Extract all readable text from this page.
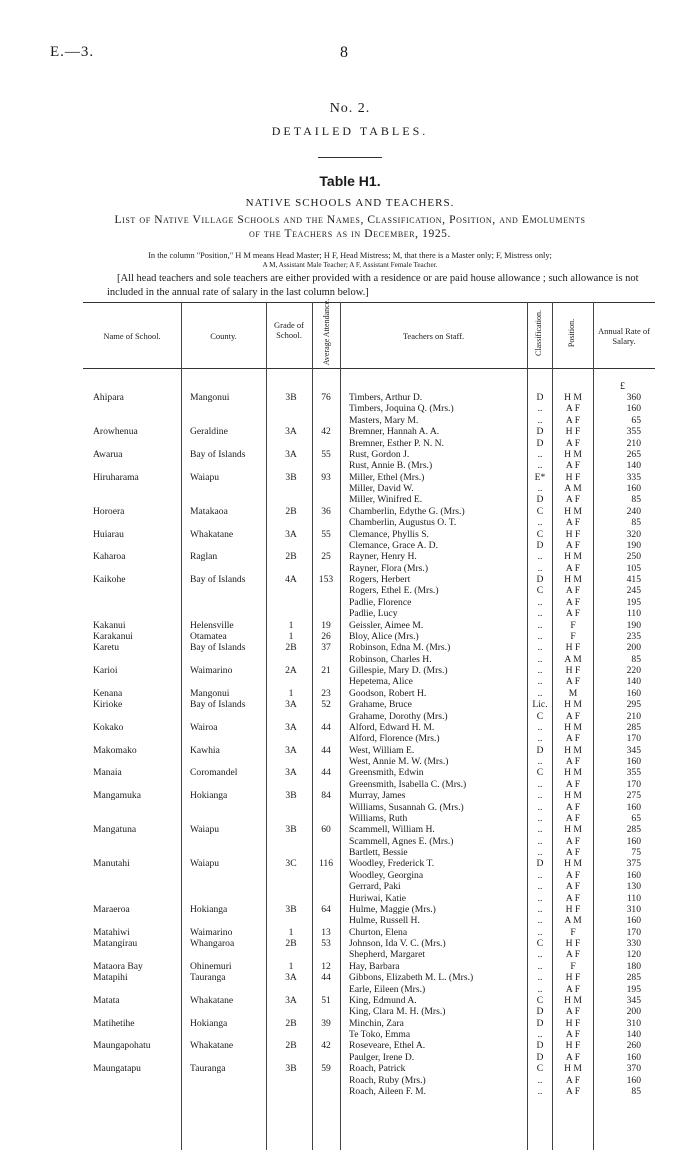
E.—3.	8
No. 2.
DETAILED TABLES.
Table H1.
NATIVE SCHOOLS AND TEACHERS.
List of Native Village Schools and the Names, Classification, Position, and Emoluments
of the Teachers as in December, 1925.
In the column "Position," H M means Head Master; H F, Head Mistress; M, that there is a Master only; F, Mistress only;
A M, Assistant Male Teacher; A F, Assistant Female Teacher.
[All head teachers and sole teachers are either provided with a residence or are paid house allowance ; such allowance is not included in the annual rate of salary in the last column below.]
Name of School.	County.
Grade of School.	Average Attendance.	Teachers on Staff.	Classification.	Position.	Annual Rate of Salary.
£
Ahipara	Mangonui	3B	76	Timbers, Arthur D.	D	H M	360
Timbers, Joquina Q. (Mrs.)	..	A F	160
Masters, Mary M.	..	A F	65
Arowhenua	Geraldine	3A	42	Bremner, Hannah A. A.	D	H F	355
Bremner, Esther P. N. N.	D	A F	210
Awarua	Bay of Islands	3A	55	Rust, Gordon J.	..	H M	265
Rust, Annie B. (Mrs.)	..	A F	140
Hiruharama	Waiapu	3B	93	Miller, Ethel (Mrs.)	E*	H F	335
Miller, David W.	..	A M	160
Miller, Winifred E.	D	A F	85
Horoera	Matakaoa	2B	36	Chamberlin, Edythe G. (Mrs.)	C	H M	240
Chamberlin, Augustus O. T.	..	A F	85
Huiarau	Whakatane	3A	55	Clemance, Phyllis S.	C	H F	320
Clemance, Grace A. D.	D	A F	190
Kaharoa	Raglan	2B	25	Rayner, Henry H.	..	H M	250
Rayner, Flora (Mrs.)	..	A F	105
Kaikohe	Bay of Islands	4A	153	Rogers, Herbert	D	H M	415
Rogers, Ethel E. (Mrs.)	C	A F	245
Padlie, Florence	..	A F	195
Padlie, Lucy	..	A F	110
Kakanui	Helensville	1	19	Geissler, Aimee M.	..	F	190
Karakanui	Otamatea	1	26	Bloy, Alice (Mrs.)	..	F	235
Karetu	Bay of Islands	2B	37	Robinson, Edna M. (Mrs.)	..	H F	200
Robinson, Charles H.	..	A M	85
Karioi	Waimarino	2A	21	Gillespie, Mary D. (Mrs.)	..	H F	220
Hepetema, Alice	..	A F	140
Kenana	Mangonui	1	23	Goodson, Robert H.	..	M	160
Kirioke	Bay of Islands	3A	52	Grahame, Bruce	Lic.	H M	295
Grahame, Dorothy (Mrs.)	C	A F	210
Kokako	Wairoa	3A	44	Alford, Edward H. M.	..	H M	285
Alford, Florence (Mrs.)	..	A F	170
Makomako	Kawhia	3A	44	West, William E.	D	H M	345
West, Annie M. W. (Mrs.)	..	A F	160
Manaia	Coromandel	3A	44	Greensmith, Edwin	C	H M	355
Greensmith, Isabella C. (Mrs.)	..	A F	170
Mangamuka	Hokianga	3B	84	Murray, James	..	H M	275
Williams, Susannah G. (Mrs.)	..	A F	160
Williams, Ruth	..	A F	65
Mangatuna	Waiapu	3B	60	Scammell, William H.	..	H M	285
Scammell, Agnes E. (Mrs.)	..	A F	160
Bartlett, Bessie	..	A F	75
Manutahi	Waiapu	3C	116	Woodley, Frederick T.	D	H M	375
Woodley, Georgina	..	A F	160
Gerrard, Paki	..	A F	130
Huriwai, Katie	..	A F	110
Maraeroa	Hokianga	3B	64	Hulme, Maggie (Mrs.)	..	H F	310
Hulme, Russell H.	..	A M	160
Matahiwi	Waimarino	1	13	Churton, Elena	..	F	170
Matangirau	Whangaroa	2B	53	Johnson, Ida V. C. (Mrs.)	C	H F	330
Shepherd, Margaret	..	A F	120
Mataora Bay	Ohinemuri	1	12	Hay, Barbara	..	F	180
Matapihi	Tauranga	3A	44	Gibbons, Elizabeth M. L. (Mrs.)	..	H F	285
Earle, Eileen (Mrs.)	..	A F	195
Matata	Whakatane	3A	51	King, Edmund A.	C	H M	345
King, Clara M. H. (Mrs.)	D	A F	200
Matihetihe	Hokianga	2B	39	Minchin, Zara	D	H F	310
Te Toko, Emma	..	A F	140
Maungapohatu	Whakatane	2B	42	Roseveare, Ethel A.	D	H F	260
Paulger, Irene D.	D	A F	160
Maungatapu	Tauranga	3B	59	Roach, Patrick	C	H M	370
Roach, Ruby (Mrs.)	..	A F	160
Roach, Aileen F. M.	..	A F	85
